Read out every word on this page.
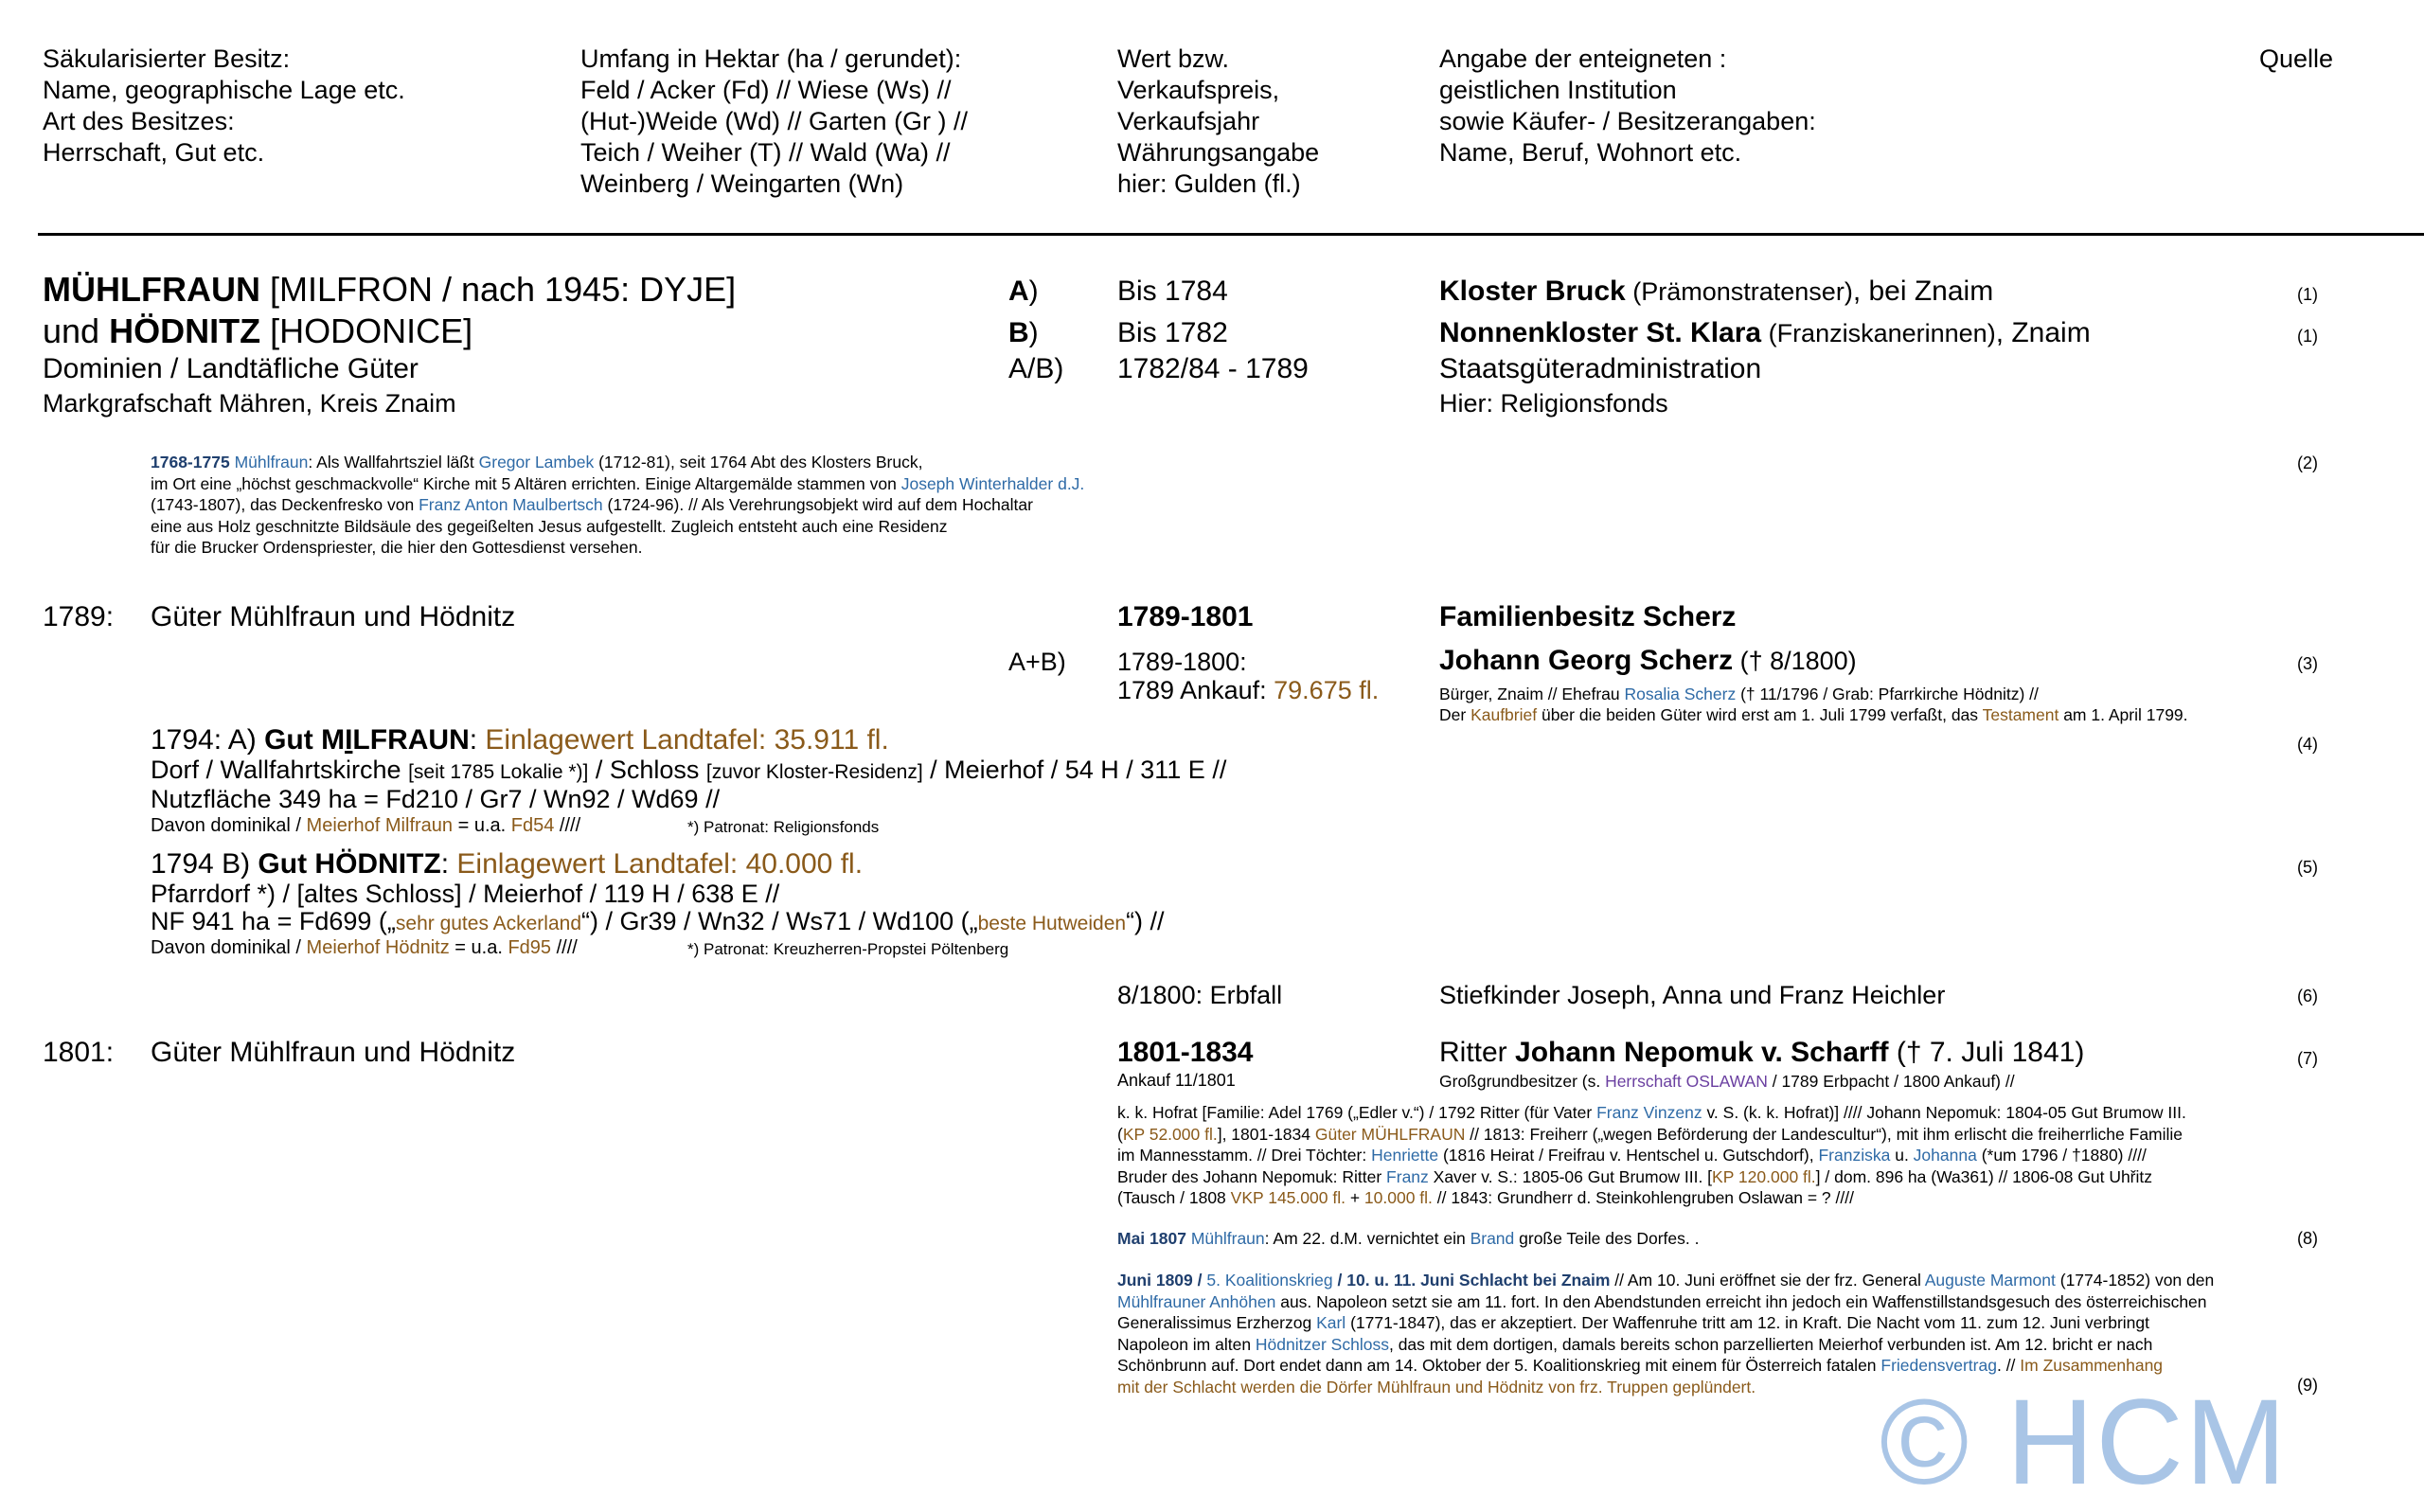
Säkularisierter Besitz:
Name, geographische Lage etc.
Art des Besitzes:
Herrschaft, Gut etc.
Umfang in Hektar (ha / gerundet):
Feld / Acker (Fd) // Wiese (Ws) //
(Hut-)Weide (Wd) // Garten (Gr ) //
Teich / Weiher (T) // Wald (Wa) //
Weinberg / Weingarten (Wn)
Wert bzw.
Verkaufspreis,
Verkaufsjahr
Währungsangabe
hier: Gulden (fl.)
Angabe der enteigneten :
geistlichen Institution
sowie Käufer- / Besitzerangaben:
Name, Beruf, Wohnort etc.
Quelle
MÜHLFRAUN [MILFRON / nach 1945: DYJE]
und HÖDNITZ [HODONICE]
Dominien / Landtäfliche Güter
Markgrafschaft Mähren, Kreis Znaim
A)	Bis 1784	Kloster Bruck (Prämonstratenser), bei Znaim	(1)
B)	Bis 1782	Nonnenkloster St. Klara (Franziskanerinnen), Znaim	(1)
A/B) 1782/84 - 1789	Staatsgüteradministration
Hier: Religionsfonds
1768-1775 Mühlfraun: Als Wallfahrtsziel läßt Gregor Lambek (1712-81), seit 1764 Abt des Klosters Bruck,
im Ort eine „höchst geschmackvolle“ Kirche mit 5 Altären errichten. Einige Altargemälde stammen von Joseph Winterhalder d.J.
(1743-1807), das Deckenfresko von Franz Anton Maulbertsch (1724-96). // Als Verehrungsobjekt wird auf dem Hochaltar
eine aus Holz geschnitzte Bildsäule des gegeißelten Jesus aufgestellt. Zugleich entsteht auch eine Residenz
für die Brucker Ordenspriester, die hier den Gottesdienst versehen.
(2)
1789: Güter Mühlfraun und Hödnitz	1789-1801	Familienbesitz Scherz
A+B) 1789-1800:
1789 Ankauf: 79.675 fl.
Johann Georg Scherz († 8/1800)	(3)
Bürger, Znaim // Ehefrau Rosalia Scherz († 11/1796 / Grab: Pfarrkirche Hödnitz) //
Der Kaufbrief über die beiden Güter wird erst am 1. Juli 1799 verfaßt, das Testament am 1. April 1799.
1794: A) Gut MILFRAUN: Einlagewert Landtafel: 35.911 fl.	(4)
Dorf / Wallfahrtskirche [seit 1785 Lokalie *)] / Schloss [zuvor Kloster-Residenz] / Meierhof / 54 H / 311 E //
Nutzfläche 349 ha = Fd210 / Gr7 / Wn92 / Wd69 //
Davon dominikal / Meierhof Milfraun = u.a. Fd54 ////	*) Patronat: Religionsfonds
1794 B) Gut HÖDNITZ: Einlagewert Landtafel: 40.000 fl.	(5)
Pfarrdorf *) / [altes Schloss] / Meierhof / 119 H / 638 E //
NF 941 ha = Fd699 („sehr gutes Ackerland“) / Gr39 / Wn32 / Ws71 / Wd100 („beste Hutweiden“) //
Davon dominikal / Meierhof Hödnitz = u.a. Fd95 ////	*) Patronat: Kreuzherren-Propstei Pöltenberg
8/1800: Erbfall	Stiefkinder Joseph, Anna und Franz Heichler	(6)
1801: Güter Mühlfraun und Hödnitz	1801-1834
Ankauf 11/1801
Ritter Johann Nepomuk v. Scharff († 7. Juli 1841)	(7)
Großgrundbesitzer (s. Herrschaft OSLAWAN / 1789 Erbpacht / 1800 Ankauf) //
k. k. Hofrat [Familie: Adel 1769 („Edler v.“) / 1792 Ritter (für Vater Franz Vinzenz v. S. (k. k. Hofrat)] //// Johann Nepomuk: 1804-05 Gut Brumow III.
(KP 52.000 fl.], 1801-1834 Güter MÜHLFRAUN // 1813: Freiherr („wegen Beförderung der Landescultur“), mit ihm erlischt die freiherrliche Familie
im Mannesstamm. // Drei Töchter: Henriette (1816 Heirat / Freifrau v. Hentschel u. Gutschdorf), Franziska u. Johanna (*um 1796 / †1880) ////
Bruder des Johann Nepomuk: Ritter Franz Xaver v. S.: 1805-06 Gut Brumow III. [KP 120.000 fl.] / dom. 896 ha (Wa361) // 1806-08 Gut Uhřitz
(Tausch / 1808 VKP 145.000 fl. + 10.000 fl. // 1843: Grundherr d. Steinkohlengruben Oslawan = ? ////
Mai 1807 Mühlfraun: Am 22. d.M. vernichtet ein Brand große Teile des Dorfes. .	(8)
Juni 1809 / 5. Koalitionskrieg / 10. u. 11. Juni Schlacht bei Znaim // Am 10. Juni eröffnet sie der frz. General Auguste Marmont (1774-1852) von den
Mühlfrauner Anhöhen aus. Napoleon setzt sie am 11. fort. In den Abendstunden erreicht ihn jedoch ein Waffenstillstandsgesuch des österreichischen
Generalissimus Erzherzog Karl (1771-1847), das er akzeptiert. Der Waffenruhe tritt am 12. in Kraft. Die Nacht vom 11. zum 12. Juni verbringt
Napoleon im alten Hödnitzer Schloss, das mit dem dortigen, damals bereits schon parzellierten Meierhof verbunden ist. Am 12. bricht er nach
Schönbrunn auf. Dort endet dann am 14. Oktober der 5. Koalitionskrieg mit einem für Österreich fatalen Friedensvertrag. // Im Zusammenhang
mit der Schlacht werden die Dörfer Mühlfraun und Hödnitz von frz. Truppen geplündert.	(9)
© HCM
